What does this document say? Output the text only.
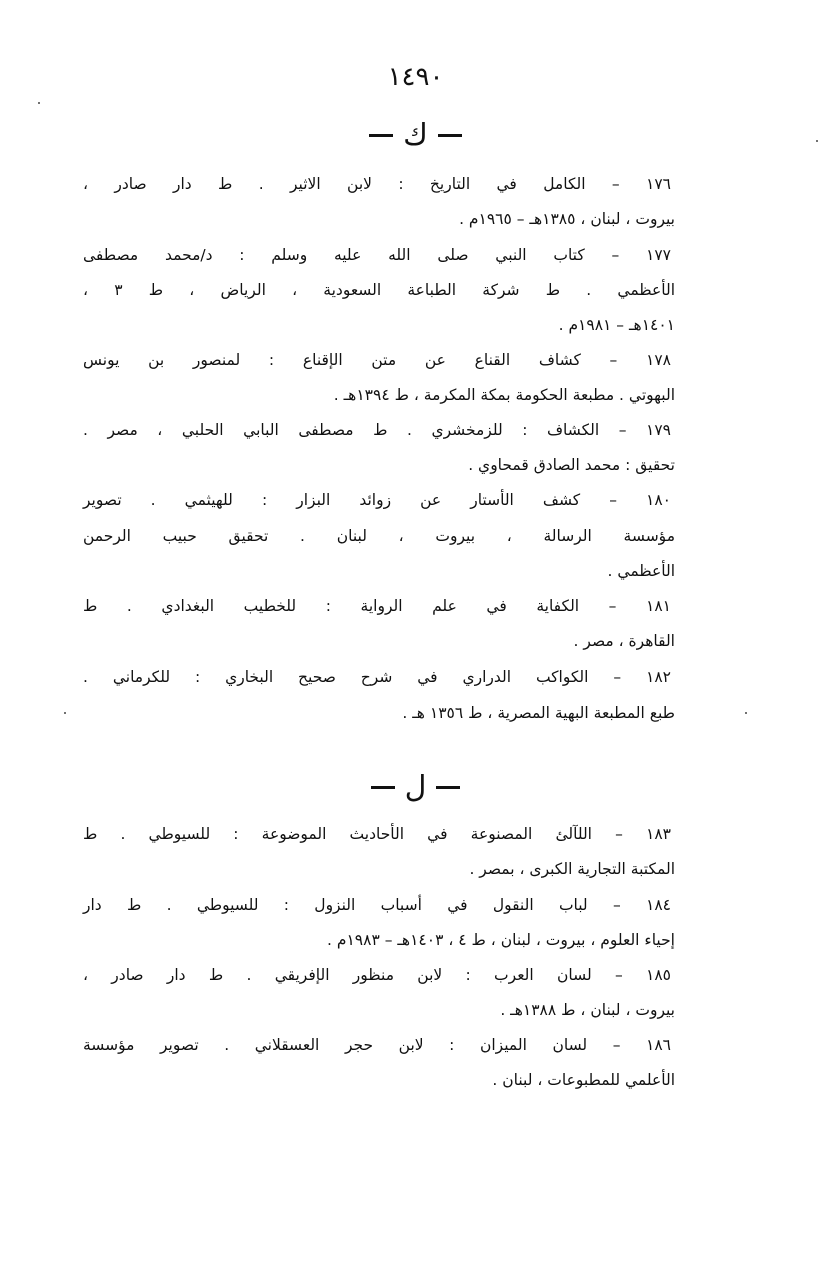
١٤٩٠
ك
١٧٦ – الكامل في التاريخ : لابن الاثير . ط دار صادر ،
بيروت ، لبنان ، ١٣٨٥هـ – ١٩٦٥م .
١٧٧ – كتاب النبي صلى الله عليه وسلم : د/محمد مصطفى
الأعظمي . ط شركة الطباعة السعودية ، الرياض ، ط ٣ ،
١٤٠١هـ – ١٩٨١م .
١٧٨ – كشاف القناع عن متن الإقناع : لمنصور بن يونس
البهوتي . مطبعة الحكومة بمكة المكرمة ، ط ١٣٩٤هـ .
١٧٩ – الكشاف : للزمخشري . ط مصطفى البابي الحلبي ، مصر .
تحقيق : محمد الصادق قمحاوي .
١٨٠ – كشف الأستار عن زوائد البزار : للهيثمي . تصوير
مؤسسة الرسالة ، بيروت ، لبنان . تحقيق حبيب الرحمن
الأعظمي .
١٨١ – الكفاية في علم الرواية : للخطيب البغدادي . ط
القاهرة ، مصر .
١٨٢ – الكواكب الدراري في شرح صحيح البخاري : للكرماني .
طبع المطبعة البهية المصرية ، ط ١٣٥٦ هـ .
ل
١٨٣ – اللآلئ المصنوعة في الأحاديث الموضوعة : للسيوطي . ط
المكتبة التجارية الكبرى ، بمصر .
١٨٤ – لباب النقول في أسباب النزول : للسيوطي . ط دار
إحياء العلوم ، بيروت ، لبنان ، ط ٤ ، ١٤٠٣هـ – ١٩٨٣م .
١٨٥ – لسان العرب : لابن منظور الإفريقي . ط دار صادر ،
بيروت ، لبنان ، ط ١٣٨٨هـ .
١٨٦ – لسان الميزان : لابن حجر العسقلاني . تصوير مؤسسة
الأعلمي للمطبوعات ، لبنان .
